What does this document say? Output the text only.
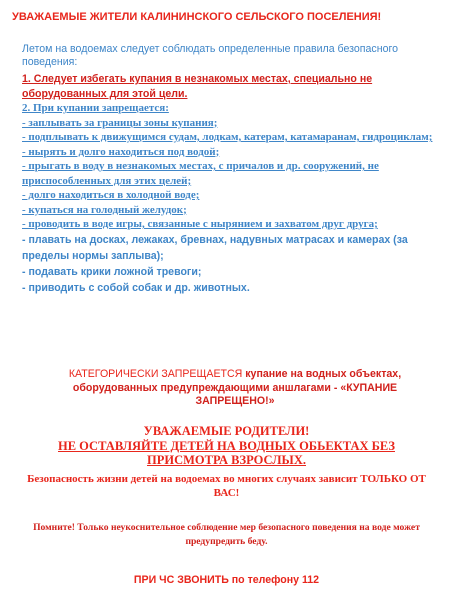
УВАЖАЕМЫЕ ЖИТЕЛИ КАЛИНИНСКОГО СЕЛЬСКОГО ПОСЕЛЕНИЯ!
Летом на водоемах следует соблюдать определенные правила безопасного поведения:
1. Следует избегать купания в незнакомых местах, специально не оборудованных для этой цели.
2. При купании запрещается:
- заплывать за границы зоны купания;
- подплывать к движущимся судам, лодкам, катерам, катамаранам, гидроциклам;
- нырять и долго находиться под водой;
- прыгать в воду в незнакомых местах, с причалов и др. сооружений, не приспособленных для этих целей;
- долго находиться в холодной воде;
- купаться на голодный желудок;
- проводить в воде игры, связанные с нырянием и захватом друг друга;
- плавать на досках, лежаках, бревнах, надувных матрасах и камерах (за пределы нормы заплыва);
- подавать крики ложной тревоги;
- приводить с собой собак и др. животных.
КАТЕГОРИЧЕСКИ ЗАПРЕЩАЕТСЯ купание на водных объектах, оборудованных предупреждающими аншлагами - «КУПАНИЕ ЗАПРЕЩЕНО!»
УВАЖАЕМЫЕ РОДИТЕЛИ!
НЕ ОСТАВЛЯЙТЕ ДЕТЕЙ НА ВОДНЫХ ОБЬЕКТАХ БЕЗ ПРИСМОТРА ВЗРОСЛЫХ.
Безопасность жизни детей на водоемах во многих случаях зависит ТОЛЬКО ОТ ВАС!
Помните! Только неукоснительное соблюдение мер безопасного поведения на воде может предупредить беду.
ПРИ ЧС ЗВОНИТЬ по телефону 112
